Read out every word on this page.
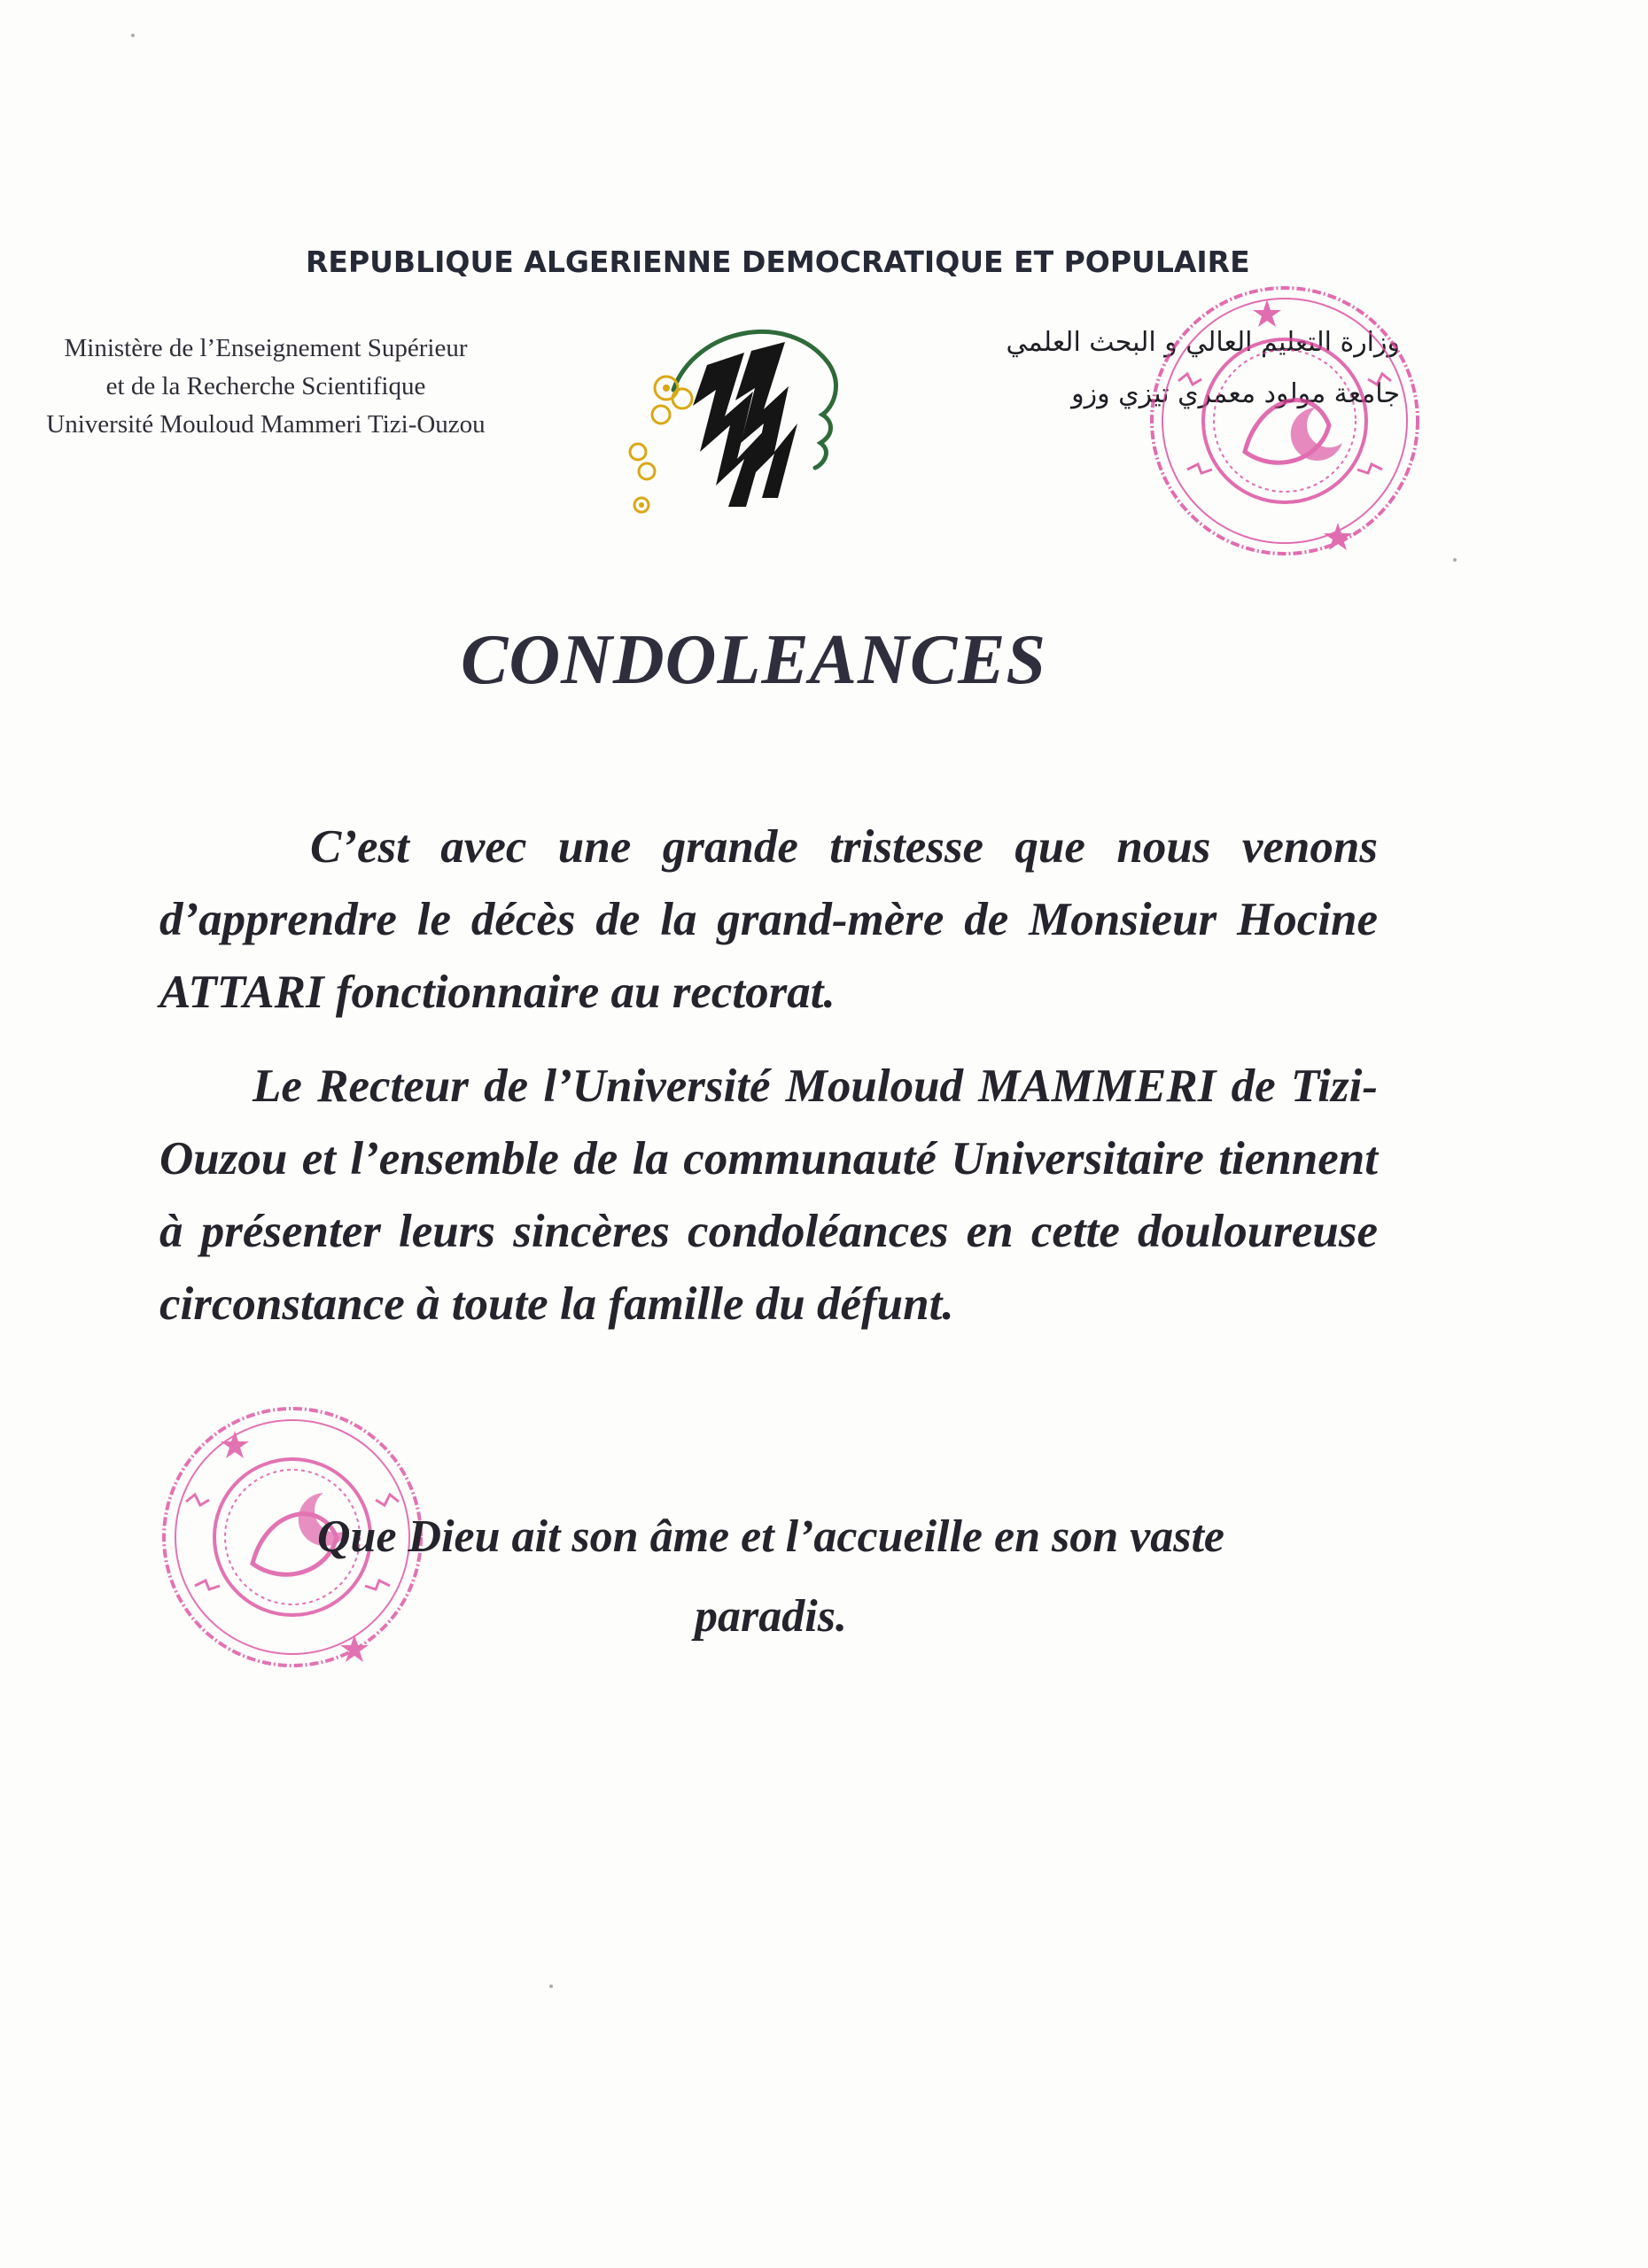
REPUBLIQUE ALGERIENNE DEMOCRATIQUE ET POPULAIRE
Ministère de l’Enseignement Supérieur
et de la Recherche Scientifique
Université Mouloud Mammeri Tizi-Ouzou
وزارة التعليم العالي و البحث العلمي
جامعة مولود معمري تيزي وزو
CONDOLEANCES
C’est avec une grande tristesse que nous venons d’apprendre le décès de la grand-mère de Monsieur Hocine ATTARI fonctionnaire au rectorat.
Le Recteur de l’Université Mouloud MAMMERI de Tizi-Ouzou et l’ensemble de la communauté Universitaire tiennent à présenter leurs sincères condoléances en cette douloureuse circonstance à toute la famille du défunt.
Que Dieu ait son âme et l’accueille en son vaste
paradis.
